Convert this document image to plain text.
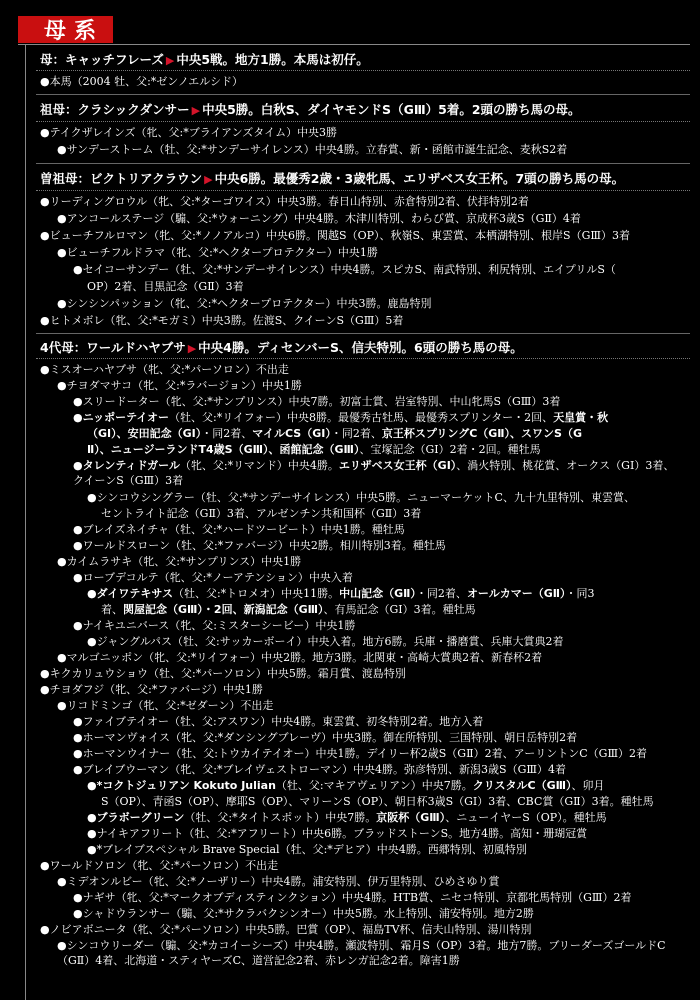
母系
母：キャッチフレーズ ▶ 中央5戦。地方1勝。本馬は初仔。
●本馬（2004 牡、父:*ゼンノエルシド）
祖母：クラシックダンサー ▶ 中央5勝。白秋S、ダイヤモンドS（GⅢ）5着。2頭の勝ち馬の母。
●テイクザレインズ（牝、父:*ブライアンズタイム）中央3勝
●サンデーストーム（牡、父:*サンデーサイレンス）中央4勝。立春賞、新・函館市誕生記念、麦秋S2着
曽祖母：ビクトリアクラウン ▶ 中央6勝。最優秀2歳・3歳牝馬、エリザベス女王杯。7頭の勝ち馬の母。
●リーディングロウル（牝、父:*ターゴワイス）中央3勝。春日山特別、赤倉特別2着、伏拝特別2着
●アンコールステージ（騸、父:*ウォーニング）中央4勝。木津川特別、わらび賞、京成杯3歳S（GⅡ）4着
●ビューチフルロマン（牝、父:*ノノアルコ）中央6勝。関越S（OP）、秋嶺S、東雲賞、本栖湖特別、根岸S（GⅢ）3着
●ビューチフルドラマ（牝、父:*ヘクタープロテクター）中央1勝
●セイコーサンデー（牡、父:*サンデーサイレンス）中央4勝。スピカS、南武特別、利尻特別、エイプリルS（
OP）2着、目黒記念（GⅡ）3着
●シンシンパッション（牝、父:*ヘクタープロテクター）中央3勝。鹿島特別
●ヒトメボレ（牝、父:*モガミ）中央3勝。佐渡S、クイーンS（GⅢ）5着
4代母：ワールドハヤブサ ▶ 中央4勝。ディセンバーS、信夫特別。6頭の勝ち馬の母。
●ミスオーハヤブサ（牝、父:*パーソロン）不出走
●チヨダマサコ（牝、父:*ラバージョン）中央1勝
●スリードーター（牝、父:*サンプリンス）中央7勝。初富士賞、岩室特別、中山牝馬S（GⅢ）3着
●ニッポーテイオー（牡、父:*リイフォー）中央8勝。最優秀古牡馬、最優秀スプリンター・2回、天皇賞・秋
（GⅠ）、安田記念（GⅠ）・同2着、マイルCS（GⅠ）・同2着、京王杯スプリングC（GⅡ）、スワンS（G
Ⅱ）、ニュージーランドT4歳S（GⅢ）、函館記念（GⅢ）、宝塚記念（GⅠ）2着・2回。種牡馬
●タレンティドガール（牝、父:*リマンド）中央4勝。エリザベス女王杯（GⅠ）、渦火特別、桃花賞、オークス（GⅠ）3着、クイーンS（GⅢ）3着
●シンコウシングラー（牡、父:*サンデーサイレンス）中央5勝。ニューマーケットC、九十九里特別、東雲賞、
セントライト記念（GⅡ）3着、アルゼンチン共和国杯（GⅡ）3着
●ブレイズネイチャ（牡、父:*ハードツービート）中央1勝。種牡馬
●ワールドスローン（牡、父:*ファバージ）中央2勝。相川特別3着。種牡馬
●カイムラサキ（牝、父:*サンプリンス）中央1勝
●ローブデコルテ（牝、父:*ノーアテンション）中央入着
●ダイワテキサス（牡、父:*トロメオ）中央11勝。中山記念（GⅡ）・同2着、オールカマー（GⅡ）・同3
着、関屋記念（GⅢ）・2回、新潟記念（GⅢ）、有馬記念（GⅠ）3着。種牡馬
●ナイキユニバース（牝、父:ミスターシービー）中央1勝
●ジャングルパス（牡、父:サッカーボーイ）中央入着。地方6勝。兵庫・播磨賞、兵庫大賞典2着
●マルゴニッポン（牝、父:*リイフォー）中央2勝。地方3勝。北関東・高崎大賞典2着、新春杯2着
●キクカリュウショウ（牡、父:*パーソロン）中央5勝。霜月賞、渡島特別
●チヨダフジ（牝、父:*ファバージ）中央1勝
●リコドミンゴ（牝、父:*ゼダーン）不出走
●ファイブテイオー（牡、父:アスワン）中央4勝。東雲賞、初冬特別2着。地方入着
●ホーマンヴォイス（牝、父:*ダンシングブレーヴ）中央3勝。御在所特別、三国特別、朝日岳特別2着
●ホーマンウイナー（牡、父:トウカイテイオー）中央1勝。デイリー杯2歳S（GⅡ）2着、アーリントンC（GⅢ）2着
●ブレイブウーマン（牝、父:*ブレイヴェストローマン）中央4勝。弥彦特別、新潟3歳S（GⅢ）4着
●*コクトジュリアン Kokuto Julian（牡、父:マキアヴェリアン）中央7勝。クリスタルC（GⅢ）、卯月
S（OP）、青函S（OP）、摩耶S（OP）、マリーンS（OP）、朝日杯3歳S（GⅠ）3着、CBC賞（GⅡ）3着。種牡馬
●ブラボーグリーン（牡、父:*タイトスポット）中央7勝。京阪杯（GⅢ）、ニューイヤーS（OP）。種牡馬
●ナイキアフリート（牡、父:*アフリート）中央6勝。ブラッドストーンS。地方4勝。高知・珊瑚冠賞
●*ブレイブスペシャル Brave Special（牡、父:*デヒア）中央4勝。西郷特別、初風特別
●ワールドソロン（牝、父:*パーソロン）不出走
●ミデオンルビー（牝、父:*ノーザリー）中央4勝。浦安特別、伊万里特別、ひめさゆり賞
●ナギサ（牝、父:*マークオブディスティンクション）中央4勝。HTB賞、ニセコ特別、京都牝馬特別（GⅢ）2着
●シャドウランサー（騸、父:*サクラバクシンオー）中央5勝。水上特別、浦安特別。地方2勝
●ノビアボニータ（牝、父:*パーソロン）中央5勝。巴賞（OP）、福島TV杯、信夫山特別、湯川特別
●シンコウリーダー（騸、父:*カコイーシーズ）中央4勝。瀬波特別、霜月S（OP）3着。地方7勝。ブリーダーズゴールドC（GⅡ）4着、北海道・スティヤーズC、道営記念2着、赤レンガ記念2着。障害1勝
